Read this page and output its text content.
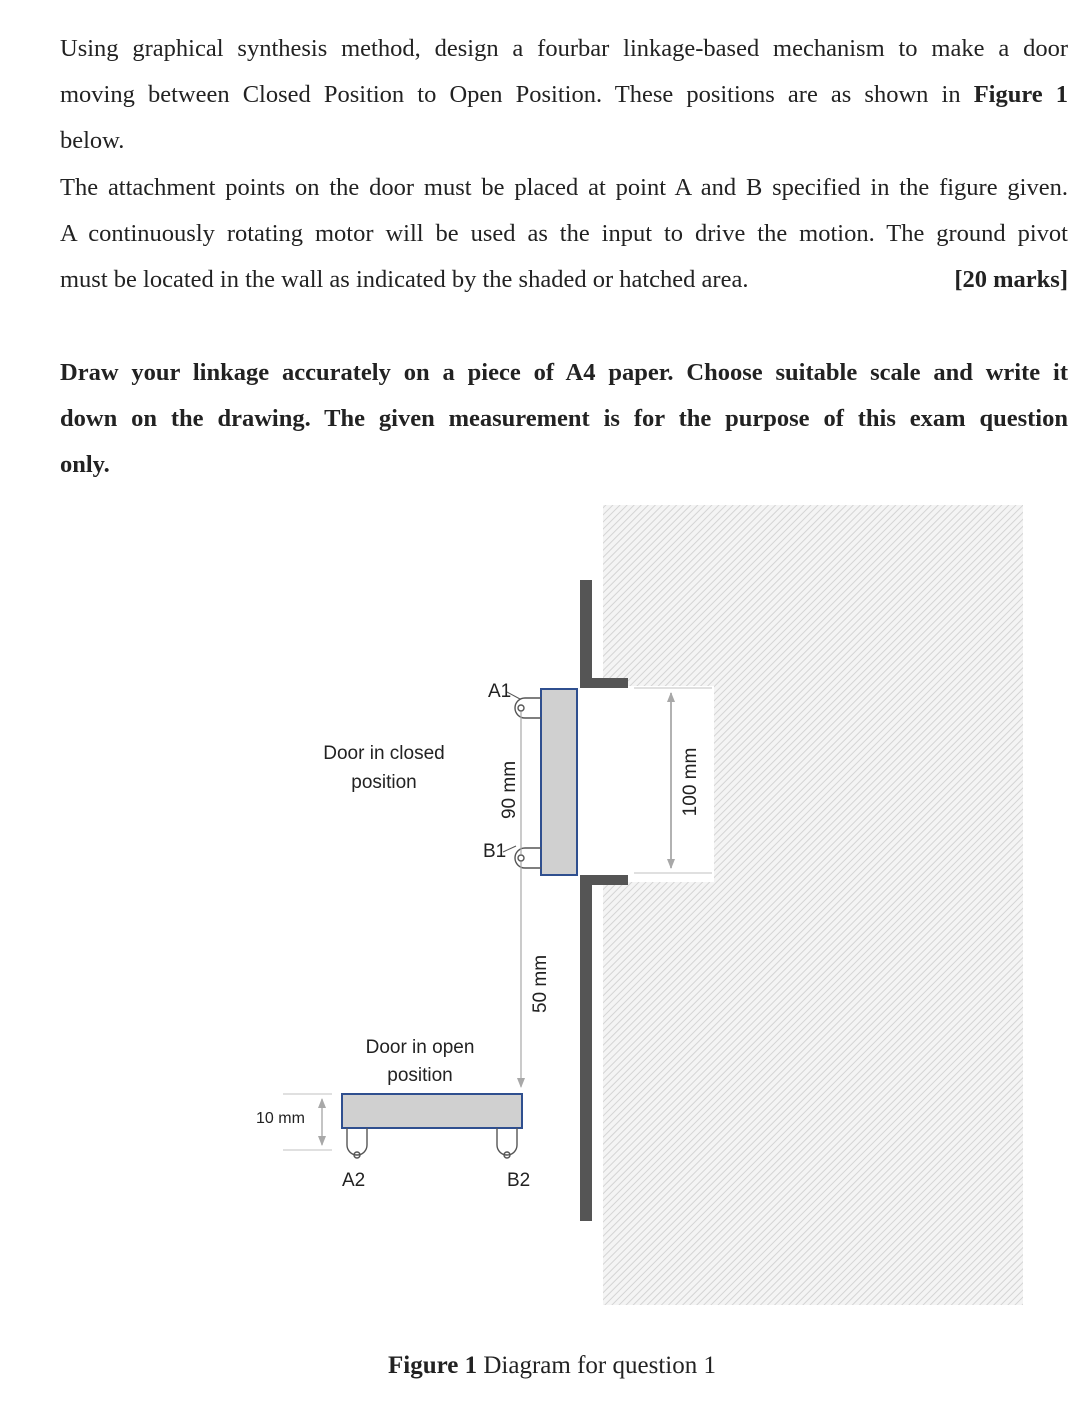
Using graphical synthesis method, design a fourbar linkage-based mechanism to make a door

moving between Closed Position to Open Position. These positions are as shown in Figure 1

below.

The attachment points on the door must be placed at point A and B specified in the figure given.

A continuously rotating motor will be used as the input to drive the motion. The ground pivot

must be located in the wall as indicated by the shaded or hatched area.	[20 marks]

Draw your linkage accurately on a piece of A4 paper. Choose suitable scale and write it

down on the drawing. The given measurement is for the purpose of this exam question

only.

100 mm
A1
B1
90 mm
50 mm
Door in closed
position
Door in open
position
A2	B2
10 mm
Figure 1 Diagram for question 1
